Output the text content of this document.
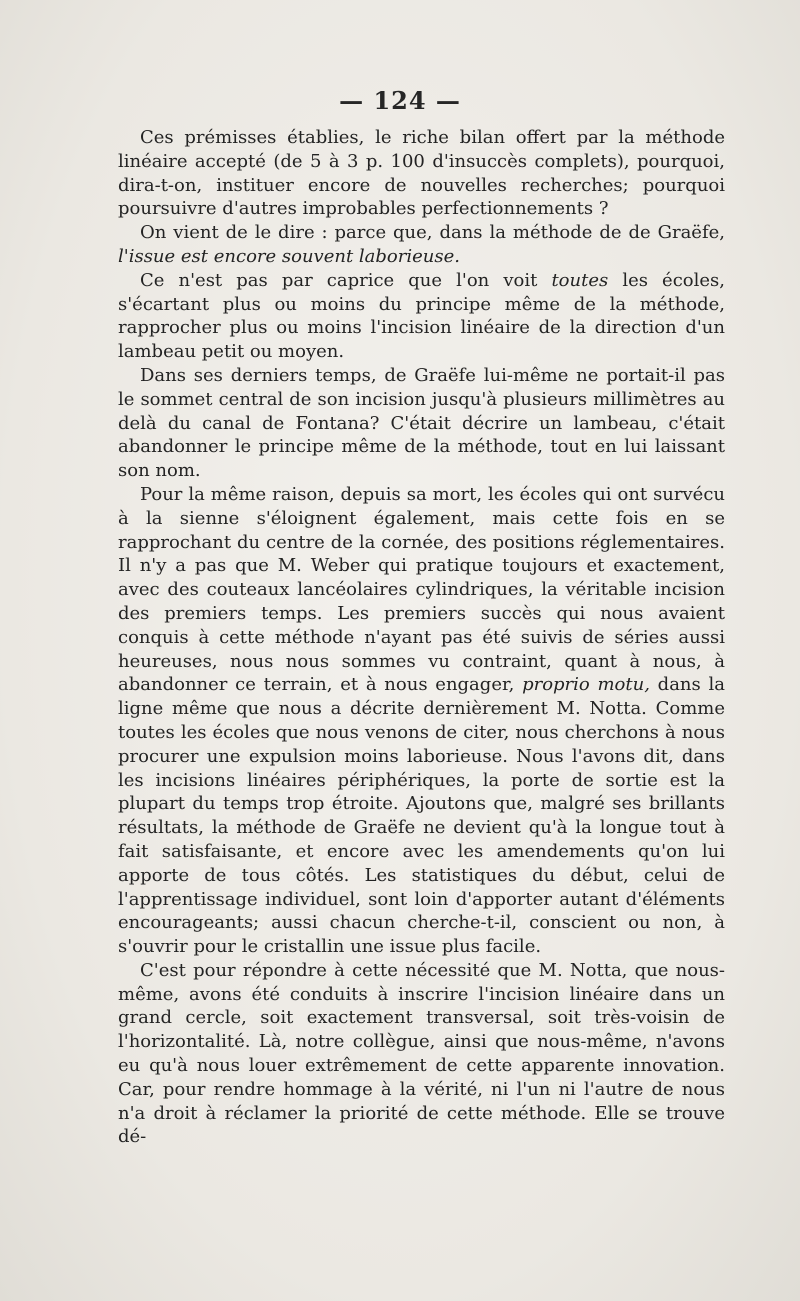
— 124 —

Ces prémisses établies, le riche bilan offert par la méthode linéaire accepté (de 5 à 3 p. 100 d'insuccès complets), pourquoi, dira-t-on, instituer encore de nouvelles recherches; pourquoi poursuivre d'autres improbables perfectionnements ?

On vient de le dire : parce que, dans la méthode de de Graëfe, l'issue est encore souvent laborieuse.

Ce n'est pas par caprice que l'on voit toutes les écoles, s'écartant plus ou moins du principe même de la méthode, rapprocher plus ou moins l'incision linéaire de la direction d'un lambeau petit ou moyen.

Dans ses derniers temps, de Graëfe lui-même ne portait-il pas le sommet central de son incision jusqu'à plusieurs millimètres au delà du canal de Fontana? C'était décrire un lambeau, c'était abandonner le principe même de la méthode, tout en lui laissant son nom.

Pour la même raison, depuis sa mort, les écoles qui ont survécu à la sienne s'éloignent également, mais cette fois en se rapprochant du centre de la cornée, des positions réglementaires. Il n'y a pas que M. Weber qui pratique toujours et exactement, avec des couteaux lancéolaires cylindriques, la véritable incision des premiers temps. Les premiers succès qui nous avaient conquis à cette méthode n'ayant pas été suivis de séries aussi heureuses, nous nous sommes vu contraint, quant à nous, à abandonner ce terrain, et à nous engager, proprio motu, dans la ligne même que nous a décrite dernièrement M. Notta. Comme toutes les écoles que nous venons de citer, nous cherchons à nous procurer une expulsion moins laborieuse. Nous l'avons dit, dans les incisions linéaires périphériques, la porte de sortie est la plupart du temps trop étroite. Ajoutons que, malgré ses brillants résultats, la méthode de Graëfe ne devient qu'à la longue tout à fait satisfaisante, et encore avec les amendements qu'on lui apporte de tous côtés. Les statistiques du début, celui de l'apprentissage individuel, sont loin d'apporter autant d'éléments encourageants; aussi chacun cherche-t-il, conscient ou non, à s'ouvrir pour le cristallin une issue plus facile.

C'est pour répondre à cette nécessité que M. Notta, que nous-même, avons été conduits à inscrire l'incision linéaire dans un grand cercle, soit exactement transversal, soit très-voisin de l'horizontalité. Là, notre collègue, ainsi que nous-même, n'avons eu qu'à nous louer extrêmement de cette apparente innovation. Car, pour rendre hommage à la vérité, ni l'un ni l'autre de nous n'a droit à réclamer la priorité de cette méthode. Elle se trouve dé-
